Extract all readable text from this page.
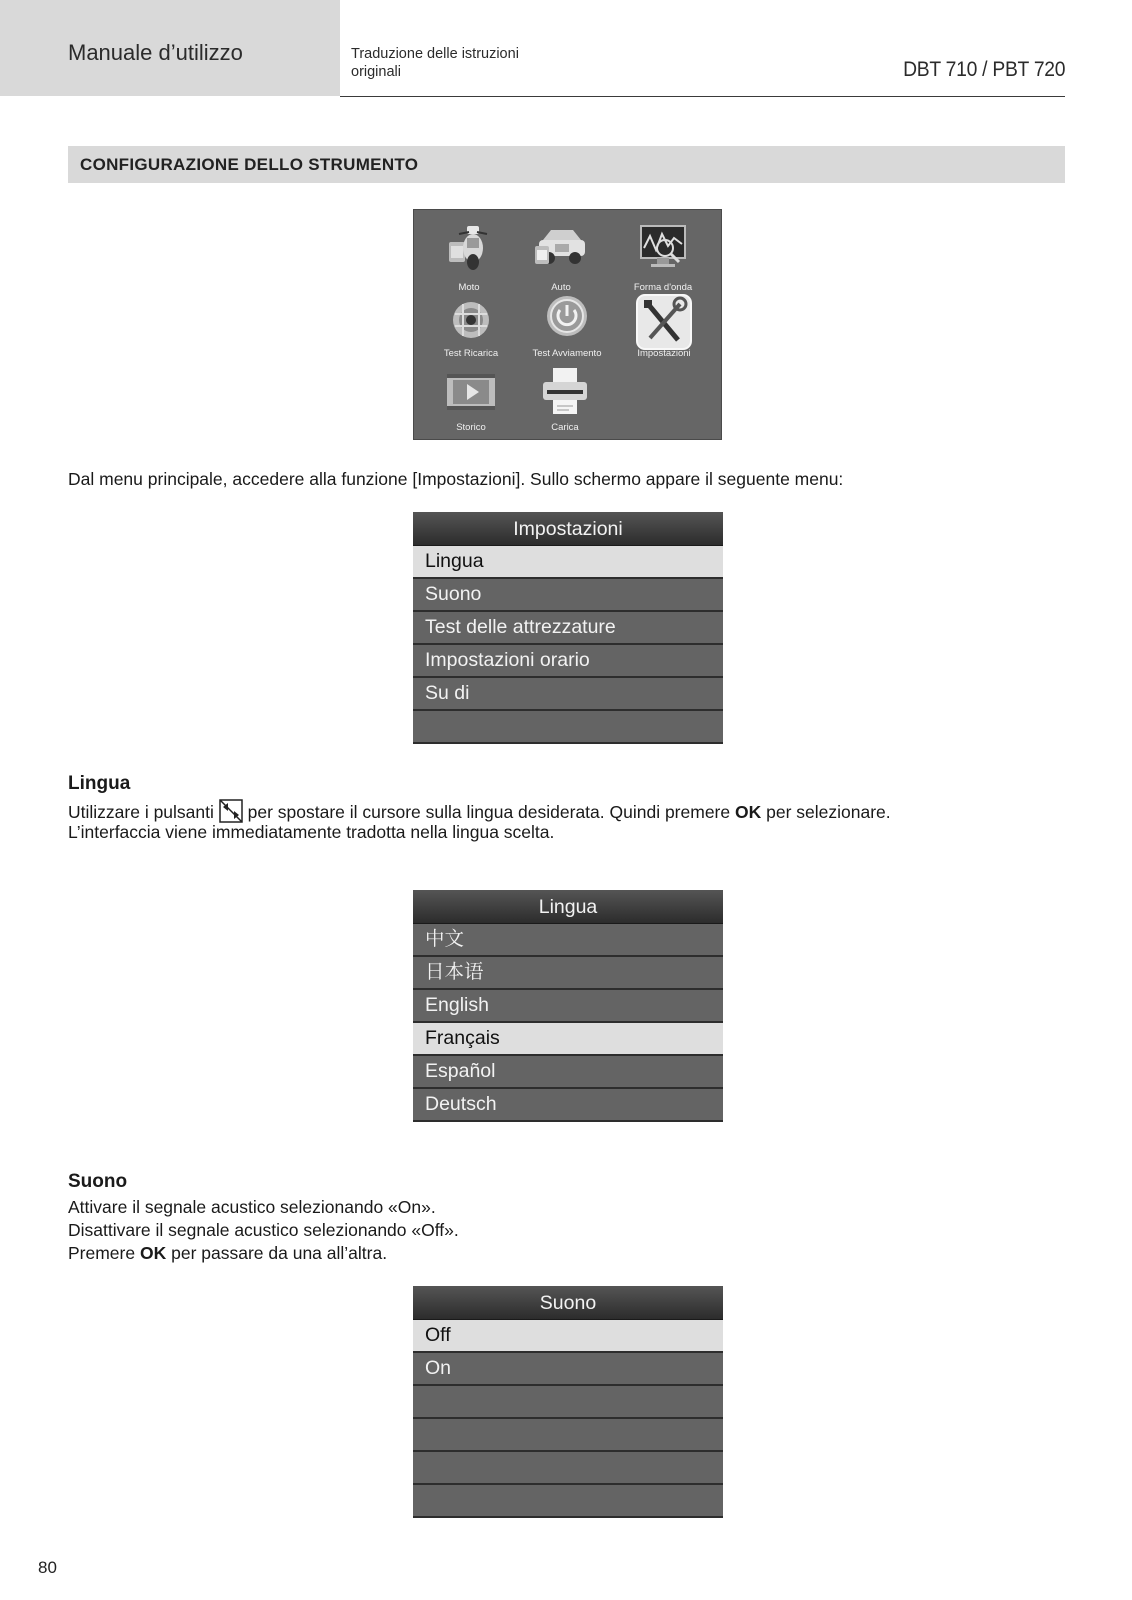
Manuale d’utilizzo	Traduzione delle istruzioni
originali	DBT 710 / PBT 720
CONFIGURAZIONE DELLO STRUMENTO
Moto	Auto	Forma d'onda
Test Ricarica	Test Avviamento	Impostazioni
Storico	Carica
Dal menu principale, accedere alla funzione [Impostazioni]. Sullo schermo appare il seguente menu:
Impostazioni
Lingua
Suono
Test delle attrezzature
Impostazioni orario
Su di
Lingua
Utilizzare i pulsanti per spostare il cursore sulla lingua desiderata. Quindi premere OK per selezionare.
L’interfaccia viene immediatamente tradotta nella lingua scelta.
Lingua
中文
日本语
English
Français
Español
Deutsch
Suono
Attivare il segnale acustico selezionando «On».
Disattivare il segnale acustico selezionando «Off».
Premere OK per passare da una all’altra.
Suono
Off
On
80
